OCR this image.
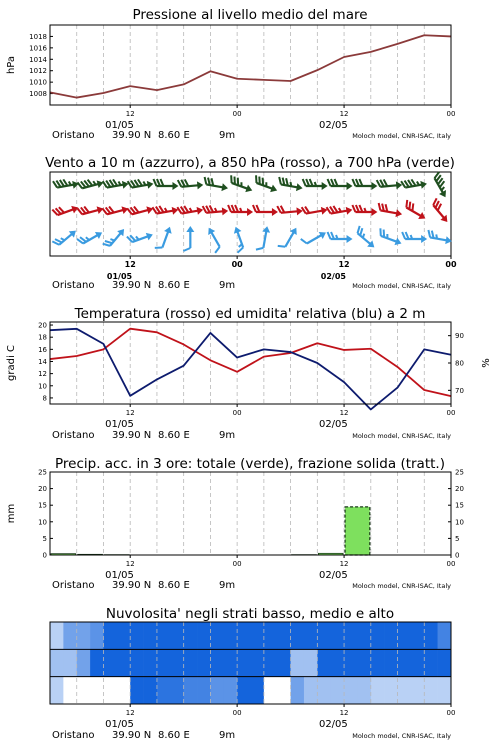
Pressione al livello medio del mare
1008
1010
1012
1014
1016
1018
hPa
12	00	12	00
01/05	02/05
Oristano 39.90 N 8.60 E	9m	Moloch model, CNR-ISAC, Italy
Vento a 10 m (azzurro), a 850 hPa (rosso), a 700 hPa (verde)
12	00	12	00
01/05	02/05
Oristano 39.90 N 8.60 E	9m	Moloch model, CNR-ISAC, Italy
Temperatura (rosso) ed umidita' relativa (blu) a 2 m
8
10
12
14
16
18
20
70
80
90
gradi C	%
12	00	12	00
01/05	02/05
Oristano 39.90 N 8.60 E	9m	Moloch model, CNR-ISAC, Italy
Precip. acc. in 3 ore: totale (verde), frazione solida (tratt.)
0
5
10
15
20
25
0
5
10
15
20
25
mm
12	00	12	00
01/05	02/05
Oristano 39.90 N 8.60 E	9m	Moloch model, CNR-ISAC, Italy
Nuvolosita' negli strati basso, medio e alto
12	00	12	00
01/05	02/05
Oristano 39.90 N 8.60 E	9m	Moloch model, CNR-ISAC, Italy
